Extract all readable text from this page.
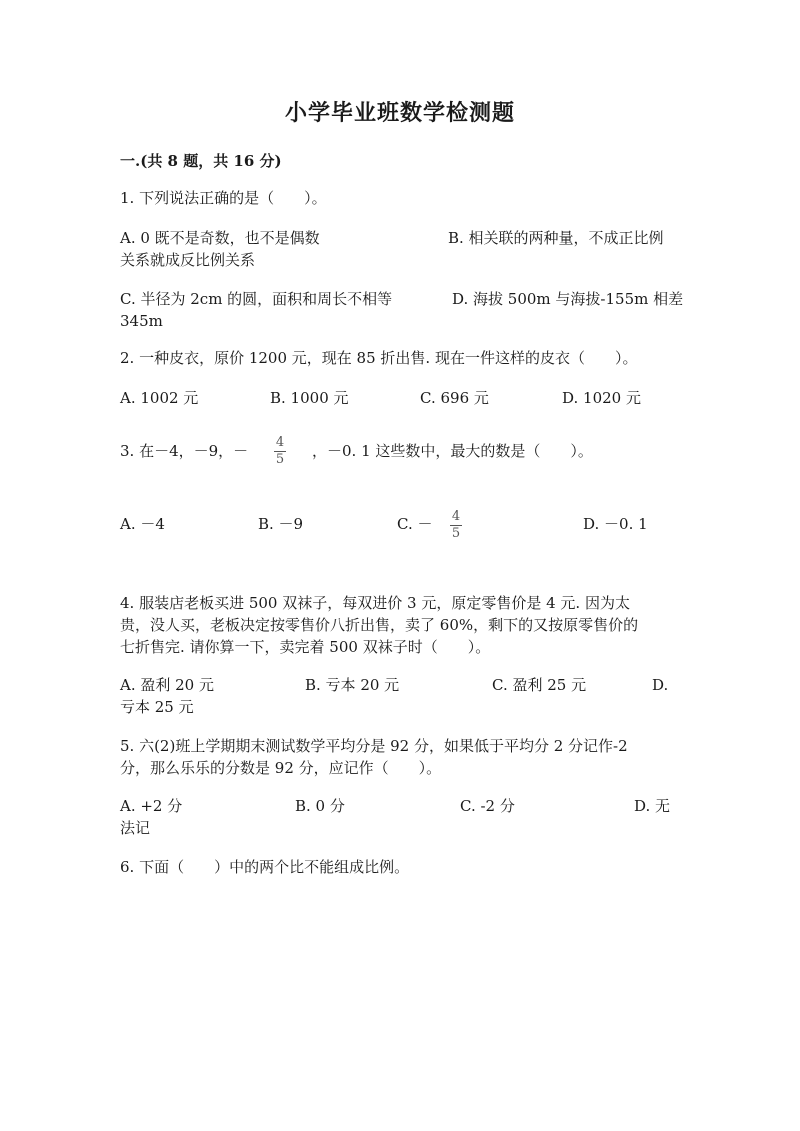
小学毕业班数学检测题
一.(共 8 题，共 16 分)
1. 下列说法正确的是（　　）。
A. 0 既不是奇数，也不是偶数	B. 相关联的两种量，不成正比例
关系就成反比例关系
C. 半径为 2cm 的圆，面积和周长不相等	D. 海拔 500m 与海拔-155m 相差
345m
2. 一种皮衣，原价 1200 元，现在 85 折出售. 现在一件这样的皮衣（　　）。
A. 1002 元	B. 1000 元	C. 696 元	D. 1020 元
3. 在－4，－9，－ 4
5 ，－0. 1 这些数中，最大的数是（　　）。
A. －4	B. －9	C. － 4
5
D. －0. 1
4. 服装店老板买进 500 双袜子，每双进价 3 元，原定零售价是 4 元. 因为太
贵，没人买，老板决定按零售价八折出售，卖了 60%，剩下的又按原零售价的
七折售完. 请你算一下，卖完着 500 双袜子时（　　）。
A. 盈利 20 元	B. 亏本 20 元	C. 盈利 25 元	D.
亏本 25 元
5. 六(2)班上学期期末测试数学平均分是 92 分，如果低于平均分 2 分记作-2
分，那么乐乐的分数是 92 分，应记作（　　）。
A. +2 分	B. 0 分	C. -2 分	D. 无
法记
6. 下面（　　）中的两个比不能组成比例。
